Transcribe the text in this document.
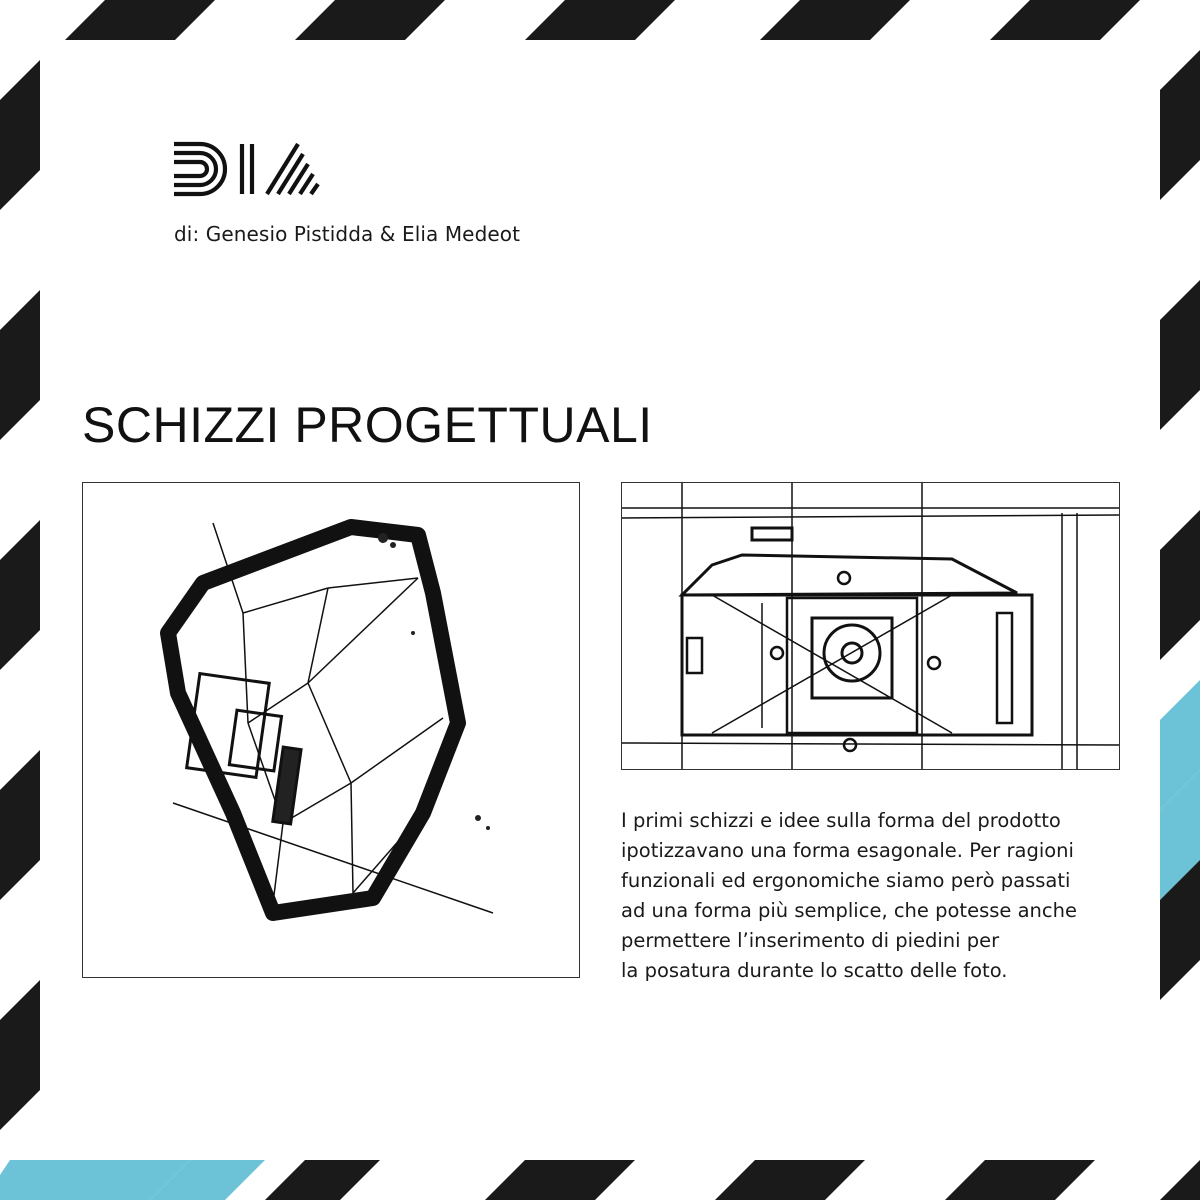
di: Genesio Pistidda & Elia Medeot
SCHIZZI PROGETTUALI

I primi schizzi e idee sulla forma del prodotto

ipotizzavano una forma esagonale. Per ragioni

funzionali ed ergonomiche siamo però passati

ad una forma più semplice, che potesse anche

permettere l’inserimento di piedini per

la posatura durante lo scatto delle foto.
